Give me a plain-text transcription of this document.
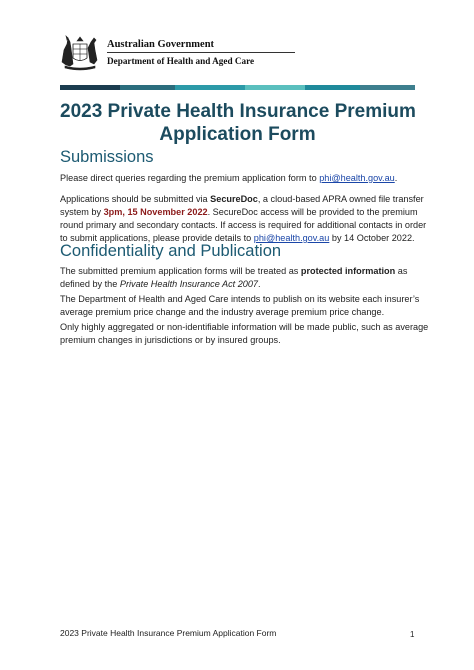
Australian Government
Department of Health and Aged Care
2023 Private Health Insurance Premium
Application Form
Submissions
Please direct queries regarding the premium application form to phi@health.gov.au.
Applications should be submitted via SecureDoc, a cloud-based APRA owned file transfer
system by 3pm, 15 November 2022. SecureDoc access will be provided to the premium
round primary and secondary contacts. If access is required for additional contacts in order
to submit applications, please provide details to phi@health.gov.au by 14 October 2022.
Confidentiality and Publication
The submitted premium application forms will be treated as protected information as
defined by the Private Health Insurance Act 2007.
The Department of Health and Aged Care intends to publish on its website each insurer’s
average premium price change and the industry average premium price change.
Only highly aggregated or non-identifiable information will be made public, such as average
premium changes in jurisdictions or by insured groups.
2023 Private Health Insurance Premium Application Form	1
